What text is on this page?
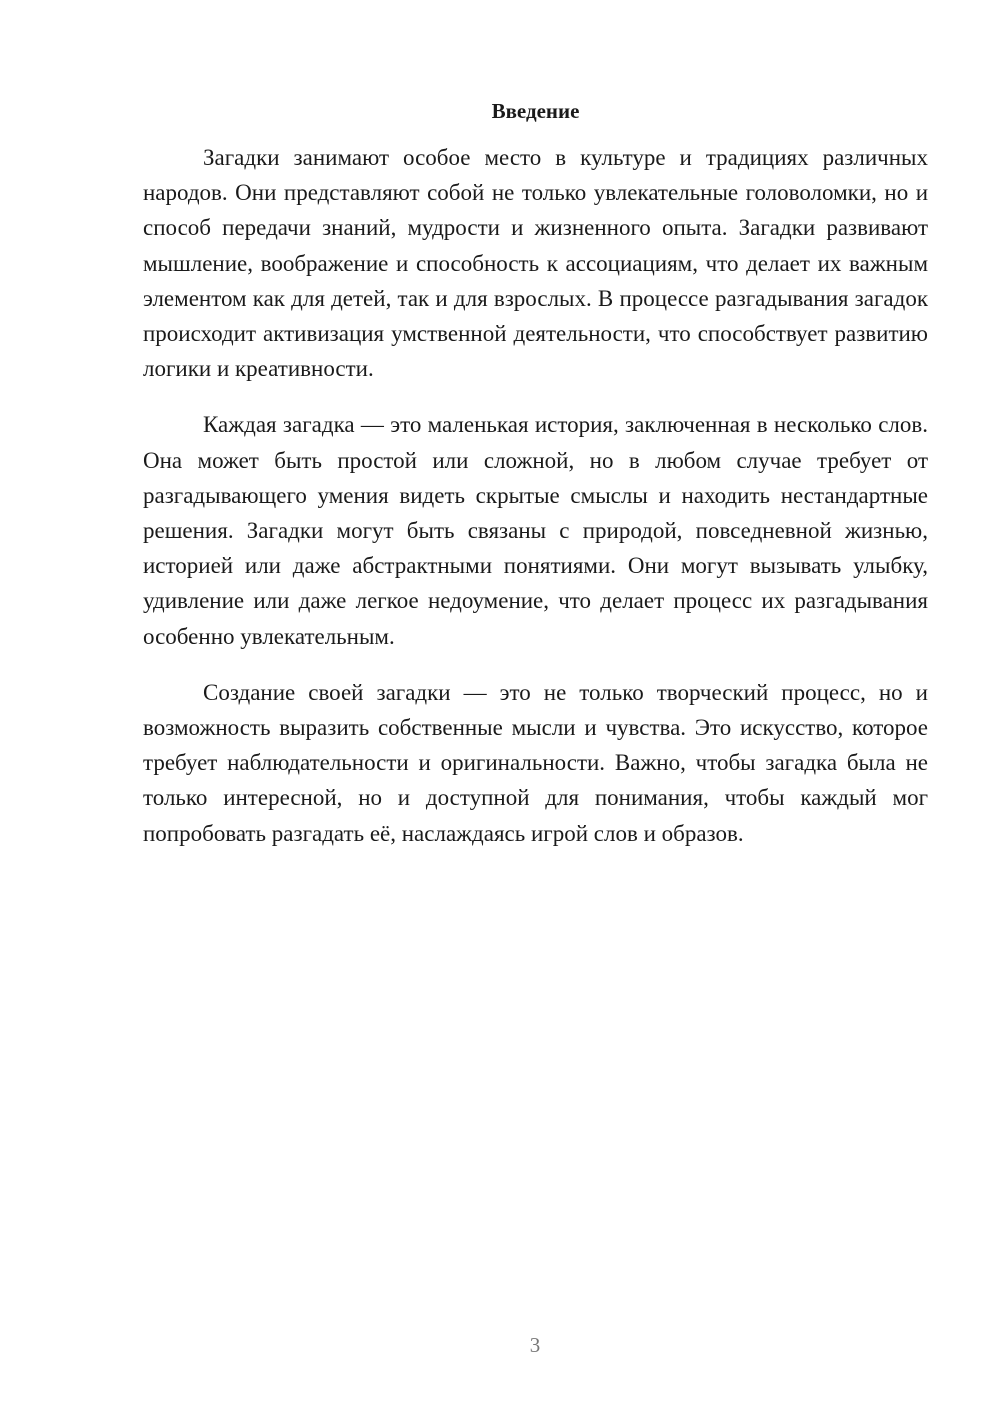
Введение

Загадки занимают особое место в культуре и традициях различных народов. Они представляют собой не только увлекательные головоломки, но и способ передачи знаний, мудрости и жизненного опыта. Загадки развивают мышление, воображение и способность к ассоциациям, что делает их важным элементом как для детей, так и для взрослых. В процессе разгадывания загадок происходит активизация умственной деятельности, что способствует развитию логики и креативности.

Каждая загадка — это маленькая история, заключенная в несколько слов. Она может быть простой или сложной, но в любом случае требует от разгадывающего умения видеть скрытые смыслы и находить нестандартные решения. Загадки могут быть связаны с природой, повседневной жизнью, историей или даже абстрактными понятиями. Они могут вызывать улыбку, удивление или даже легкое недоумение, что делает процесс их разгадывания особенно увлекательным.

Создание своей загадки — это не только творческий процесс, но и возможность выразить собственные мысли и чувства. Это искусство, которое требует наблюдательности и оригинальности. Важно, чтобы загадка была не только интересной, но и доступной для понимания, чтобы каждый мог попробовать разгадать её, наслаждаясь игрой слов и образов.

3
